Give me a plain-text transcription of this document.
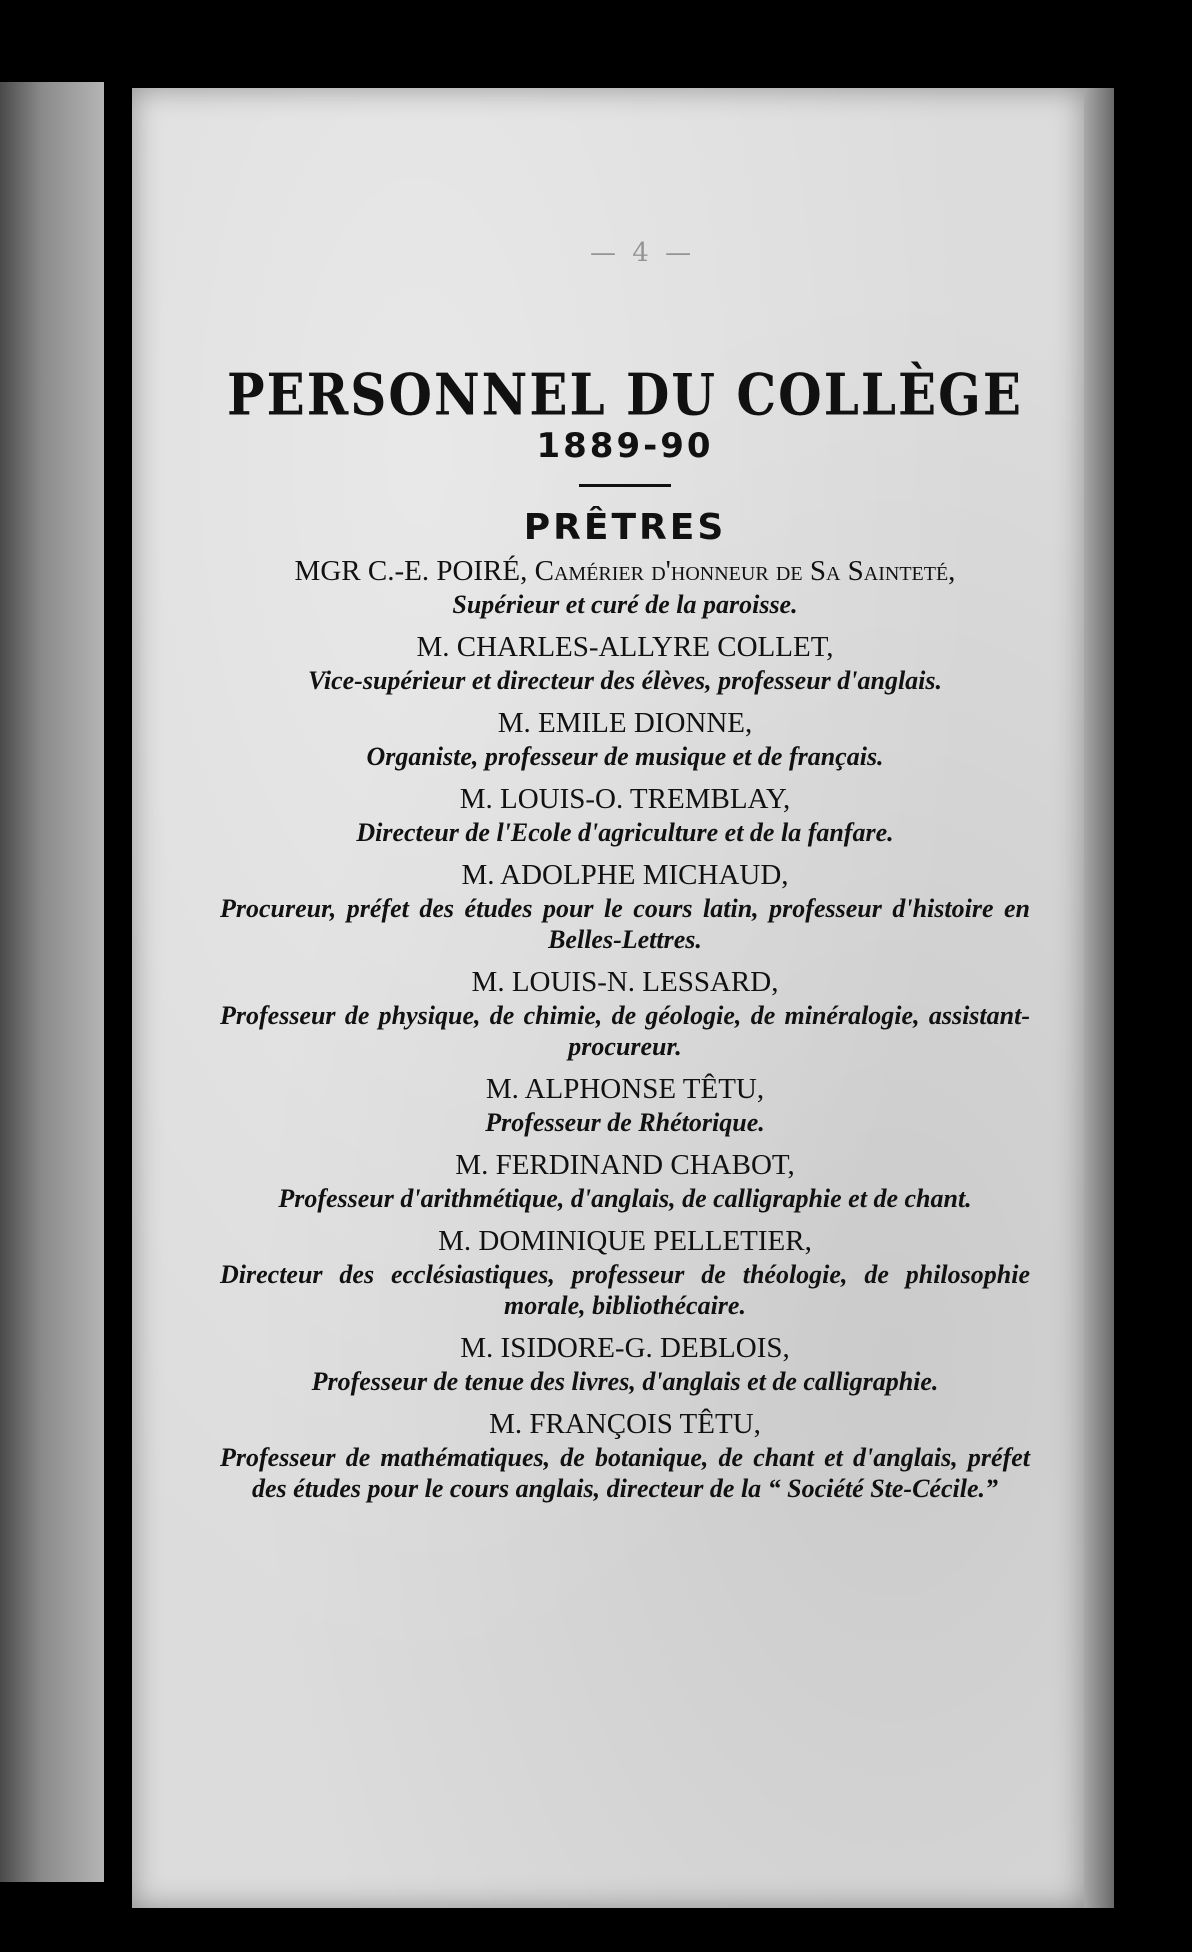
— 4 —
PERSONNEL DU COLLÈGE
1889-90
PRÊTRES
MGR C.-E. POIRÉ, Camérier d'honneur de Sa Sainteté,
Supérieur et curé de la paroisse.
M. CHARLES-ALLYRE COLLET,
Vice-supérieur et directeur des élèves, professeur d'anglais.
M. EMILE DIONNE,
Organiste, professeur de musique et de français.
M. LOUIS-O. TREMBLAY,
Directeur de l'Ecole d'agriculture et de la fanfare.
M. ADOLPHE MICHAUD,
Procureur, préfet des études pour le cours latin, professeur d'histoire en Belles-Lettres.
M. LOUIS-N. LESSARD,
Professeur de physique, de chimie, de géologie, de minéralogie, assistant-procureur.
M. ALPHONSE TÊTU,
Professeur de Rhétorique.
M. FERDINAND CHABOT,
Professeur d'arithmétique, d'anglais, de calligraphie et de chant.
M. DOMINIQUE PELLETIER,
Directeur des ecclésiastiques, professeur de théologie, de philosophie morale, bibliothécaire.
M. ISIDORE-G. DEBLOIS,
Professeur de tenue des livres, d'anglais et de calligraphie.
M. FRANÇOIS TÊTU,
Professeur de mathématiques, de botanique, de chant et d'anglais, préfet des études pour le cours anglais, directeur de la “ Société Ste-Cécile.”
